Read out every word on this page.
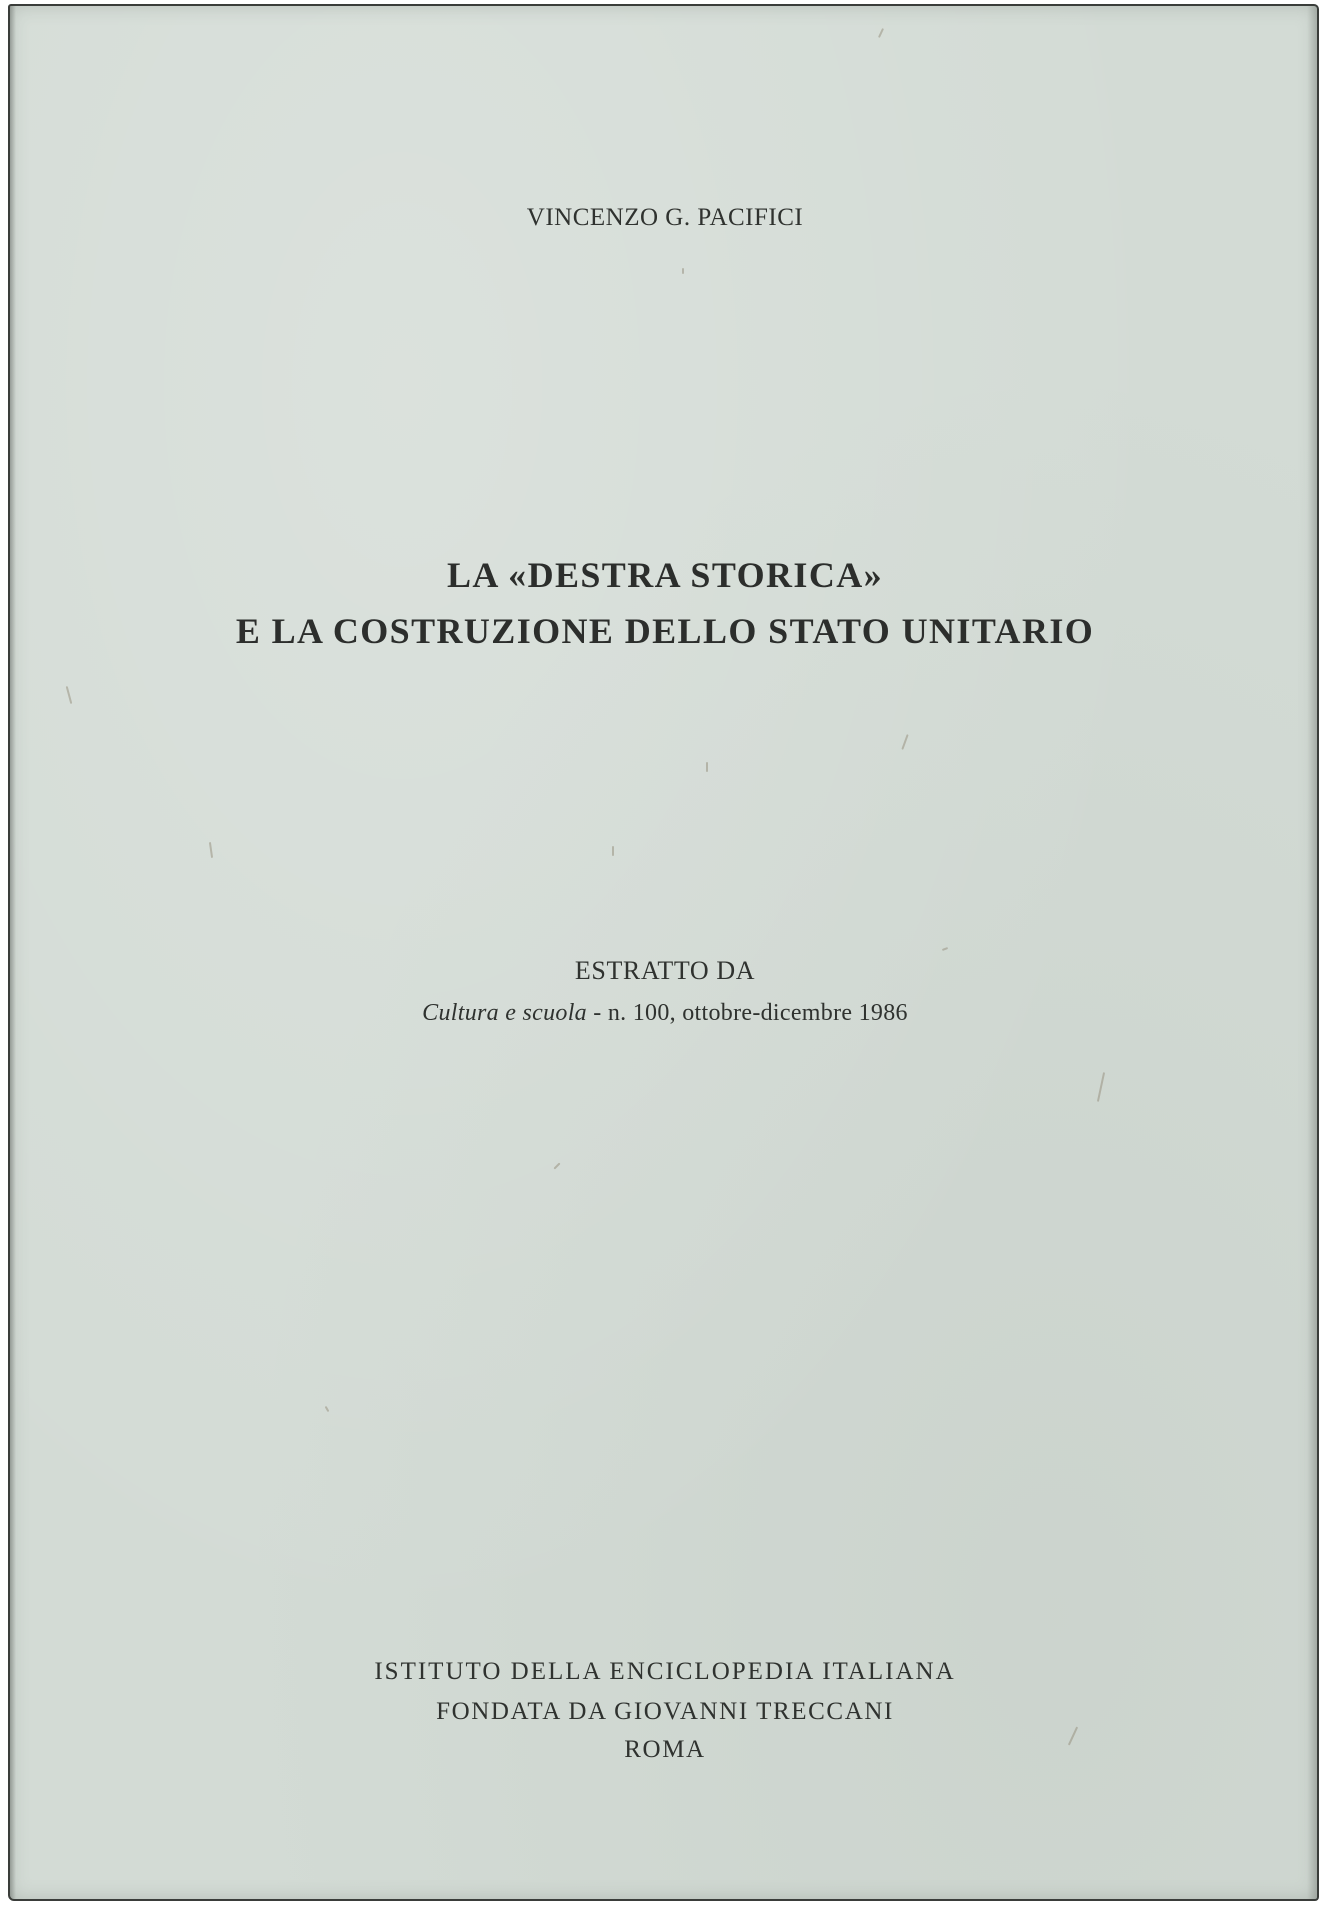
VINCENZO G. PACIFICI
LA «DESTRA STORICA»
E LA COSTRUZIONE DELLO STATO UNITARIO
ESTRATTO DA
Cultura e scuola - n. 100, ottobre-dicembre 1986
ISTITUTO DELLA ENCICLOPEDIA ITALIANA
FONDATA DA GIOVANNI TRECCANI
ROMA
